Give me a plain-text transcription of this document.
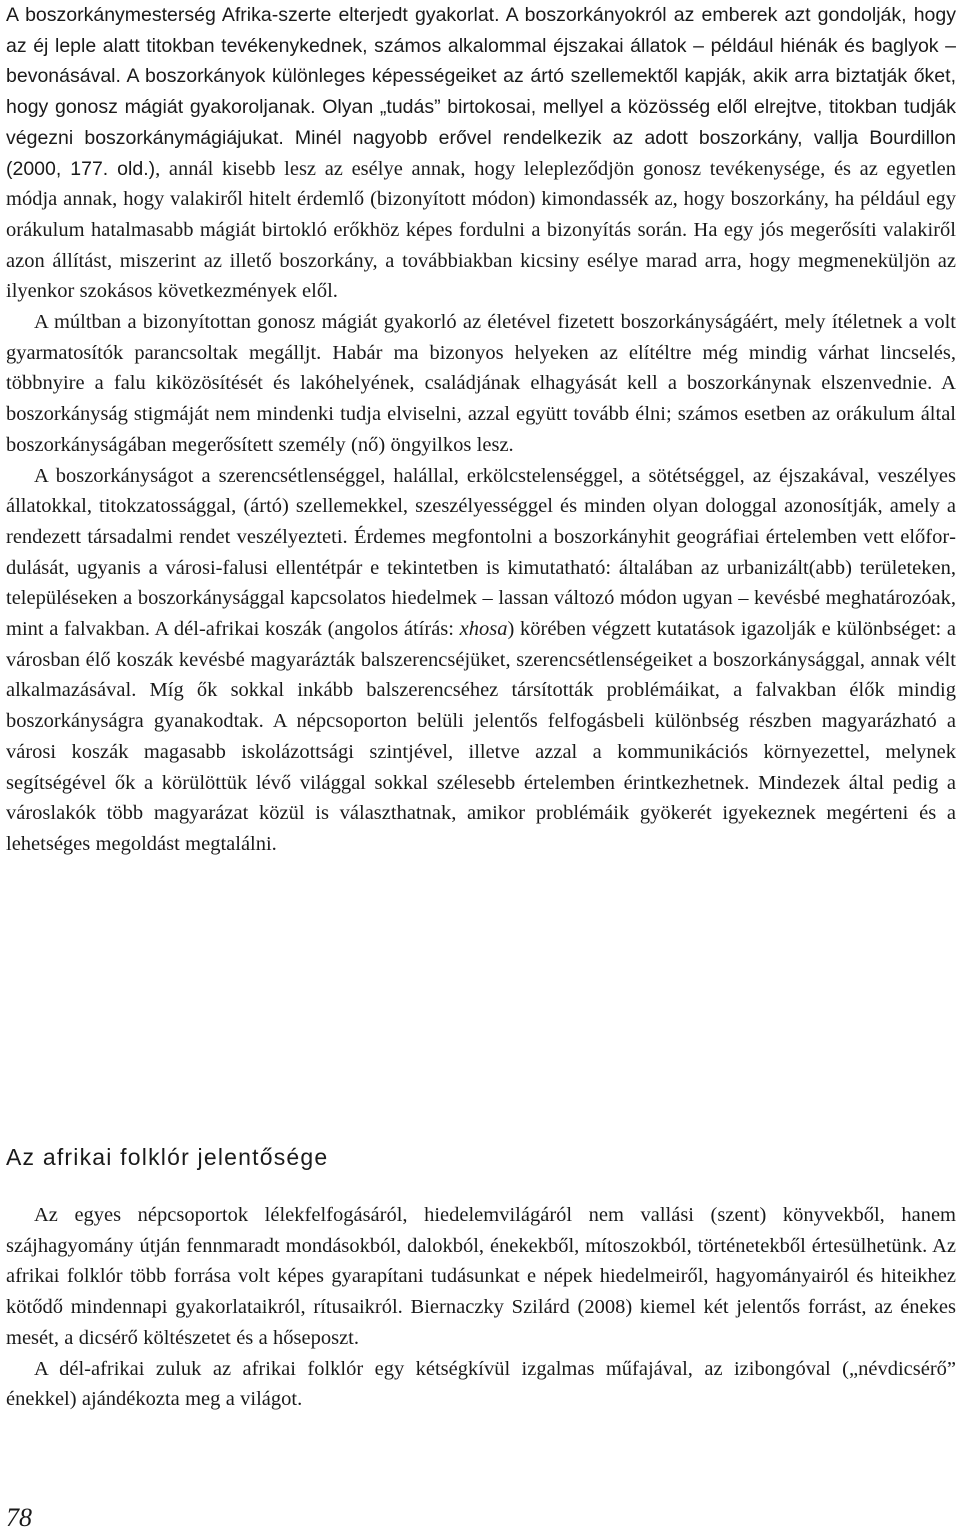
A boszorkánymesterség Afrika-szerte elterjedt gyakorlat. A boszorkányokról az emberek azt gondolják, hogy az éj leple alatt titokban tevékenykednek, számos alkalommal éjszakai állatok – például hiénák és baglyok – bevonásával. A boszorkányok különleges képességeiket az ártó szellemektől kapják, akik arra biztatják őket, hogy gonosz mágiát gyakoroljanak. Olyan „tudás” birtokosai, mellyel a közösség elől elrejtve, titokban tudják végezni boszorkánymágiájukat. Minél nagyobb erővel rendelkezik az adott boszorkány, vallja Bourdillon (2000, 177. old.), annál kisebb lesz az esélye annak, hogy lelepleződjön gonosz tevékenysége, és az egyetlen módja annak, hogy valakiről hitelt érdemlő (bizonyított módon) kimondassék az, hogy boszorkány, ha például egy orákulum hatalmasabb mágiát birtokló erőkhöz képes fordulni a bizonyítás során. Ha egy jós megerősíti valakiről azon állítást, miszerint az illető boszorkány, a továbbiakban kicsiny esélye marad arra, hogy megmeneküljön az ilyenkor szokásos következmények elől.

A múltban a bizonyítottan gonosz mágiát gyakorló az életével fizetett boszorkányságáért, mely ítéletnek a volt gyarmatosítók parancsoltak megálljt. Habár ma bizonyos helyeken az elítéltre még mindig várhat lincselés, többnyire a falu kiközösítését és lakóhelyének, családjának elhagyását kell a boszorkánynak elszenvednie. A boszorkányság stigmáját nem mindenki tudja elviselni, azzal együtt tovább élni; számos esetben az orákulum által boszorkányságában megerősített személy (nő) öngyilkos lesz.

A boszorkányságot a szerencsétlenséggel, halállal, erkölcstelenséggel, a sötétséggel, az éjszakával, veszélyes állatokkal, titokzatossággal, (ártó) szellemekkel, szeszélyességgel és minden olyan dologgal azonosítják, amely a rendezett társadalmi rendet veszélyezteti. Érdemes megfontolni a boszorkányhit geográfiai értelemben vett előfordulását, ugyanis a városi-falusi ellentétpár e tekintetben is kimutatható: általában az urbanizált(abb) területeken, településeken a boszorkánysággal kapcsolatos hiedelmek – lassan változó módon ugyan – kevésbé meghatározóak, mint a falvakban. A dél-afrikai koszák (angolos átírás: xhosa) körében végzett kutatások igazolják e különbséget: a városban élő koszák kevésbé magyarázták balszerencséjüket, szerencsétlenségeiket a boszorkánysággal, annak vélt alkalmazásával. Míg ők sokkal inkább balszerencséhez társították problémáikat, a falvakban élők mindig boszorkányságra gyanakodtak. A népcsoporton belüli jelentős felfogásbeli különbség részben magyarázható a városi koszák magasabb iskolázottsági szintjével, illetve azzal a kommunikációs környezettel, melynek segítségével ők a körülöttük lévő világgal sokkal szélesebb értelemben érintkezhetnek. Mindezek által pedig a városlakók több magyarázat közül is választhatnak, amikor problémáik gyökerét igyekeznek megérteni és a lehetséges megoldást megtalálni.

Az afrikai folklór jelentősége

Az egyes népcsoportok lélekfelfogásáról, hiedelemvilágáról nem vallási (szent) könyvekből, hanem szájhagyomány útján fennmaradt mondásokból, dalokból, énekekből, mítoszokból, történetekből értesülhetünk. Az afrikai folklór több forrása volt képes gyarapítani tudásunkat e népek hiedelmeiről, hagyományairól és hiteikhez kötődő mindennapi gyakorlataikról, rítusaikról. Biernaczky Szilárd (2008) kiemel két jelentős forrást, az énekes mesét, a dicsérő költészetet és a hőseposzt.

A dél-afrikai zuluk az afrikai folklór egy kétségkívül izgalmas műfajával, az izibongóval („névdicsérő” énekkel) ajándékozta meg a világot.

78
